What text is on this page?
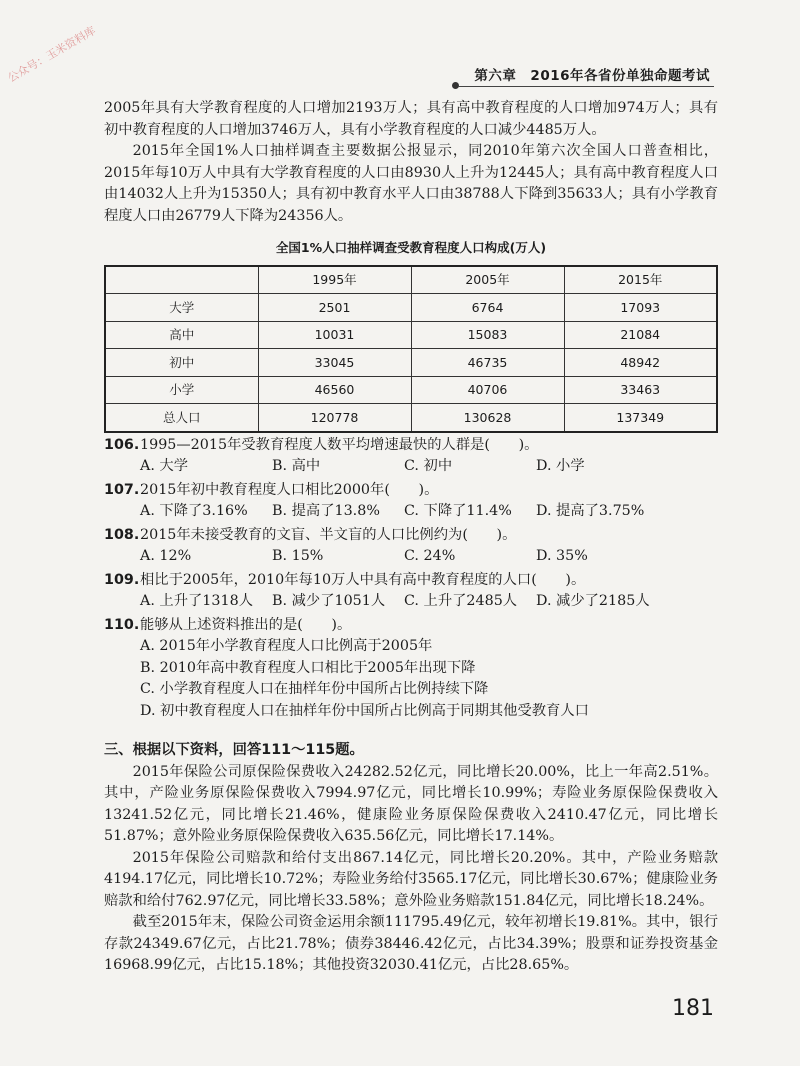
公众号：玉米资料库	第六章　2016年各省份单独命题考试

2005年具有大学教育程度的人口增加2193万人；具有高中教育程度的人口增加974万人；具有初中教育程度的人口增加3746万人，具有小学教育程度的人口减少4485万人。

2015年全国1%人口抽样调查主要数据公报显示，同2010年第六次全国人口普查相比，2015年每10万人中具有大学教育程度的人口由8930人上升为12445人；具有高中教育程度人口由14032人上升为15350人；具有初中教育水平人口由38788人下降到35633人；具有小学教育程度人口由26779人下降为24356人。

全国1%人口抽样调查受教育程度人口构成(万人)
	1995年	2005年	2015年
大学	2501	6764	17093
高中	10031	15083	21084
初中	33045	46735	48942
小学	46560	40706	33463
总人口	120778	130628	137349
106. 1995—2015年受教育程度人数平均增速最快的人群是(　　)。
A. 大学	B. 高中	C. 初中	D. 小学
107. 2015年初中教育程度人口相比2000年(　　)。
A. 下降了3.16%	B. 提高了13.8%	C. 下降了11.4%	D. 提高了3.75%
108. 2015年未接受教育的文盲、半文盲的人口比例约为(　　)。
A. 12%	B. 15%	C. 24%	D. 35%
109. 相比于2005年，2010年每10万人中具有高中教育程度的人口(　　)。
A. 上升了1318人	B. 减少了1051人	C. 上升了2485人	D. 减少了2185人
110. 能够从上述资料推出的是(　　)。
A. 2015年小学教育程度人口比例高于2005年
B. 2010年高中教育程度人口相比于2005年出现下降
C. 小学教育程度人口在抽样年份中国所占比例持续下降
D. 初中教育程度人口在抽样年份中国所占比例高于同期其他受教育人口
三、根据以下资料，回答111～115题。

2015年保险公司原保险保费收入24282.52亿元，同比增长20.00%，比上一年高2.51%。其中，产险业务原保险保费收入7994.97亿元，同比增长10.99%；寿险业务原保险保费收入13241.52亿元，同比增长21.46%，健康险业务原保险保费收入2410.47亿元，同比增长51.87%；意外险业务原保险保费收入635.56亿元，同比增长17.14%。

2015年保险公司赔款和给付支出867.14亿元，同比增长20.20%。其中，产险业务赔款4194.17亿元，同比增长10.72%；寿险业务给付3565.17亿元，同比增长30.67%；健康险业务赔款和给付762.97亿元，同比增长33.58%；意外险业务赔款151.84亿元，同比增长18.24%。

截至2015年末，保险公司资金运用余额111795.49亿元，较年初增长19.81%。其中，银行存款24349.67亿元，占比21.78%；债券38446.42亿元，占比34.39%；股票和证券投资基金16968.99亿元，占比15.18%；其他投资32030.41亿元，占比28.65%。

181
